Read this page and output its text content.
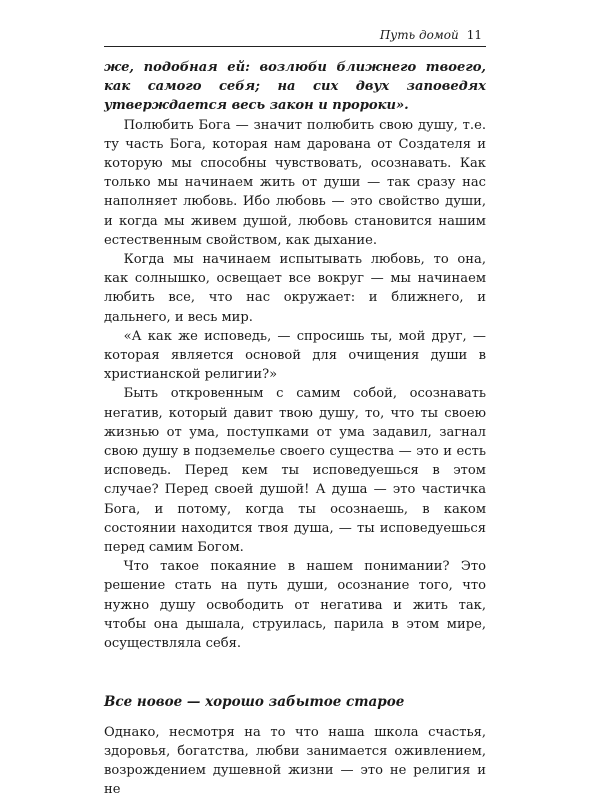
Путь домой 11

же, подобная ей: возлюби ближнего твоего, как самого себя; на сих двух заповедях утверждается весь закон и пророки».

Полюбить Бога — значит полюбить свою душу, т.е. ту часть Бога, которая нам дарована от Создателя и которую мы способны чувствовать, осознавать. Как только мы начинаем жить от души — так сразу нас наполняет любовь. Ибо любовь — это свойство души, и когда мы живем душой, любовь становится нашим естественным свойством, как дыхание.

Когда мы начинаем испытывать любовь, то она, как солнышко, освещает все вокруг — мы начинаем любить все, что нас окружает: и ближнего, и дальнего, и весь мир.

«А как же исповедь, — спросишь ты, мой друг, — которая является основой для очищения души в христианской религии?»

Быть откровенным с самим собой, осознавать негатив, который давит твою душу, то, что ты своею жизнью от ума, поступками от ума задавил, загнал свою душу в подземелье своего существа — это и есть исповедь. Перед кем ты исповедуешься в этом случае? Перед своей душой! А душа — это частичка Бога, и потому, когда ты осознаешь, в каком состоянии находится твоя душа, — ты исповедуешься перед самим Богом.

Что такое покаяние в нашем понимании? Это решение стать на путь души, осознание того, что нужно душу освободить от негатива и жить так, чтобы она дышала, струилась, парила в этом мире, осуществляла себя.

Все новое — хорошо забытое старое

Однако, несмотря на то что наша школа счастья, здоровья, богатства, любви занимается оживлением, возрождением душевной жизни — это не религия и не
